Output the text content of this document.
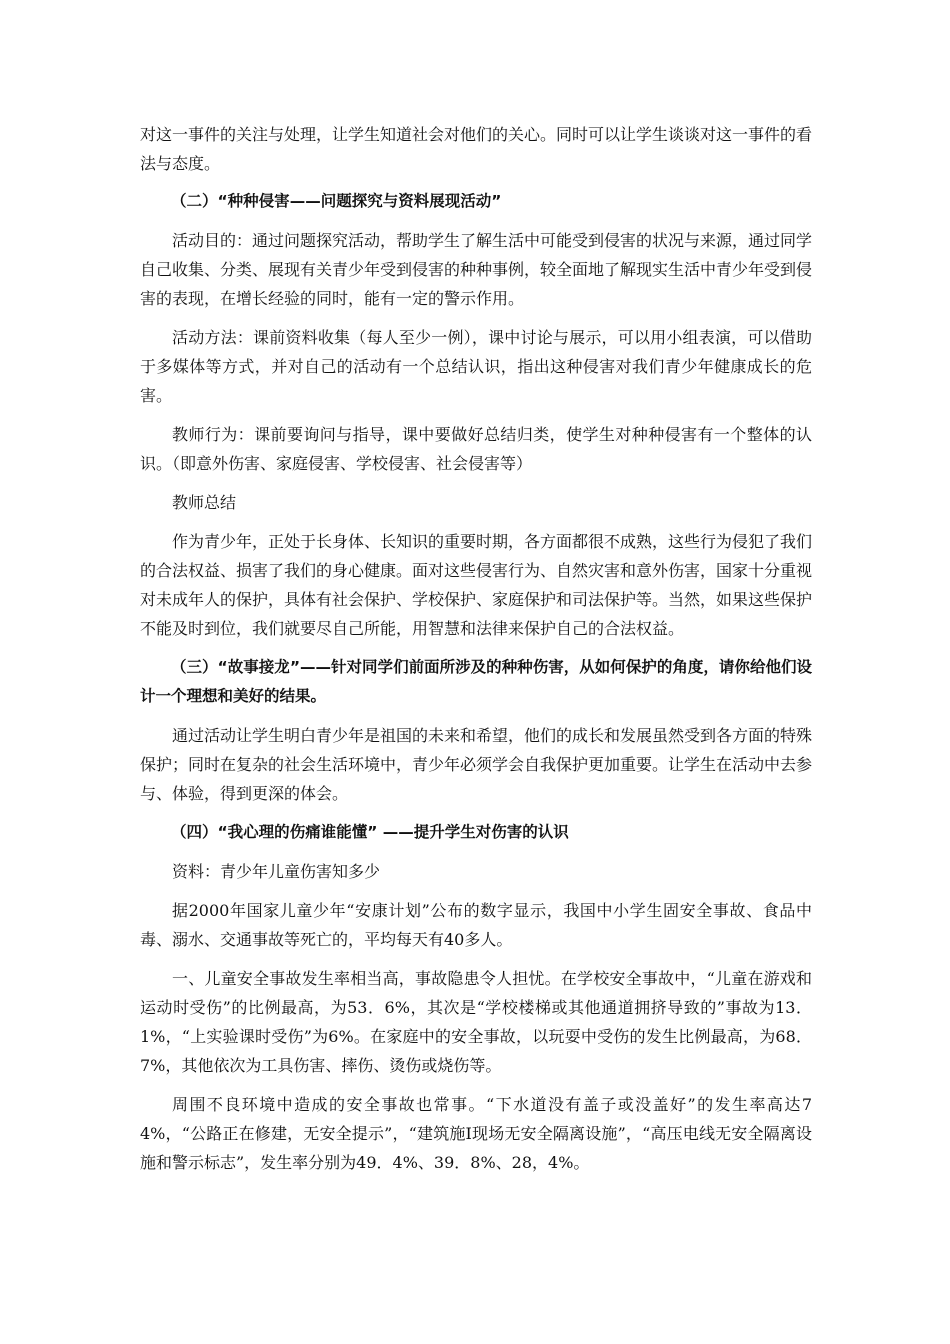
对这一事件的关注与处理，让学生知道社会对他们的关心。同时可以让学生谈谈对这一事件的看法与态度。

（二）“种种侵害——问题探究与资料展现活动”

活动目的：通过问题探究活动，帮助学生了解生活中可能受到侵害的状况与来源，通过同学自己收集、分类、展现有关青少年受到侵害的种种事例，较全面地了解现实生活中青少年受到侵害的表现，在增长经验的同时，能有一定的警示作用。

活动方法：课前资料收集（每人至少一例），课中讨论与展示，可以用小组表演，可以借助于多媒体等方式，并对自己的活动有一个总结认识，指出这种侵害对我们青少年健康成长的危害。

教师行为：课前要询问与指导，课中要做好总结归类，使学生对种种侵害有一个整体的认识。（即意外伤害、家庭侵害、学校侵害、社会侵害等）

教师总结

作为青少年，正处于长身体、长知识的重要时期，各方面都很不成熟，这些行为侵犯了我们的合法权益、损害了我们的身心健康。面对这些侵害行为、自然灾害和意外伤害，国家十分重视对未成年人的保护，具体有社会保护、学校保护、家庭保护和司法保护等。当然，如果这些保护不能及时到位，我们就要尽自己所能，用智慧和法律来保护自己的合法权益。

（三）“故事接龙”——针对同学们前面所涉及的种种伤害，从如何保护的角度，请你给他们设计一个理想和美好的结果。

通过活动让学生明白青少年是祖国的未来和希望，他们的成长和发展虽然受到各方面的特殊保护；同时在复杂的社会生活环境中，青少年必须学会自我保护更加重要。让学生在活动中去参与、体验，得到更深的体会。

（四）“我心理的伤痛谁能懂” ——提升学生对伤害的认识

资料：青少年儿童伤害知多少

据2000年国家儿童少年“安康计划”公布的数字显示，我国中小学生固安全事故、食品中毒、溺水、交通事故等死亡的，平均每天有40多人。

一、儿童安全事故发生率相当高，事故隐患令人担忧。在学校安全事故中，“儿童在游戏和运动时受伤”的比例最高，为53．6%，其次是“学校楼梯或其他通道拥挤导致的”事故为13．1%，“上实验课时受伤”为6%。在家庭中的安全事故，以玩耍中受伤的发生比例最高，为68．7%，其他依次为工具伤害、摔伤、烫伤或烧伤等。

周围不良环境中造成的安全事故也常事。“下水道没有盖子或没盖好”的发生率高达74%，“公路正在修建，无安全提示”，“建筑施I现场无安全隔离设施”，“高压电线无安全隔离设施和警示标志”，发生率分别为49．4%、39．8%、28，4%。
